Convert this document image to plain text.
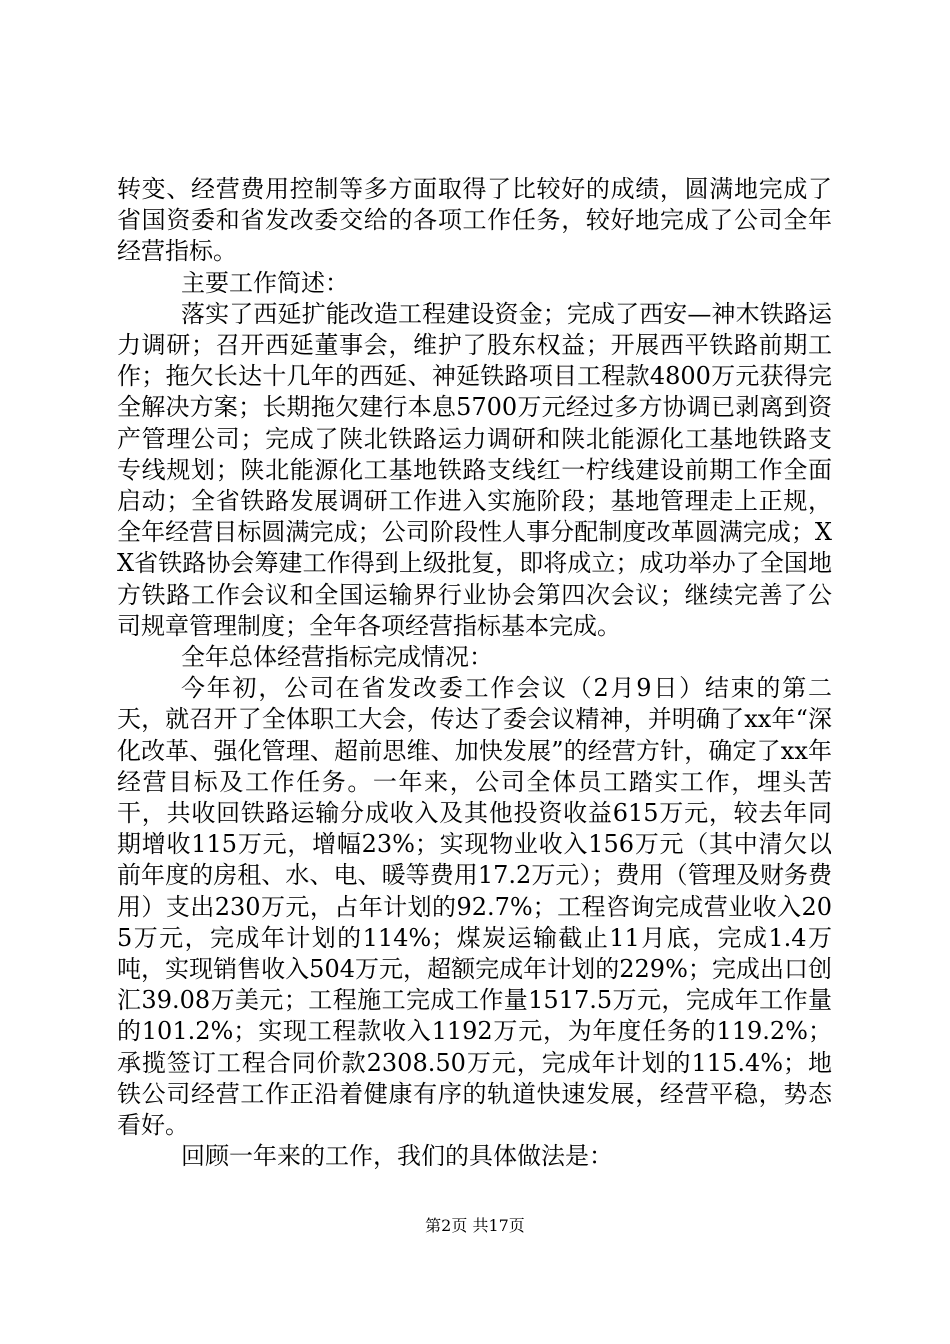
转变、经营费用控制等多方面取得了比较好的成绩，圆满地完成了省国资委和省发改委交给的各项工作任务，较好地完成了公司全年经营指标。

主要工作简述：

落实了西延扩能改造工程建设资金；完成了西安—神木铁路运力调研；召开西延董事会，维护了股东权益；开展西平铁路前期工作；拖欠长达十几年的西延、神延铁路项目工程款4800万元获得完全解决方案；长期拖欠建行本息5700万元经过多方协调已剥离到资产管理公司；完成了陕北铁路运力调研和陕北能源化工基地铁路支专线规划；陕北能源化工基地铁路支线红一柠线建设前期工作全面启动；全省铁路发展调研工作进入实施阶段；基地管理走上正规，全年经营目标圆满完成；公司阶段性人事分配制度改革圆满完成；XX省铁路协会筹建工作得到上级批复，即将成立；成功举办了全国地方铁路工作会议和全国运输界行业协会第四次会议；继续完善了公司规章管理制度；全年各项经营指标基本完成。

全年总体经营指标完成情况：

今年初，公司在省发改委工作会议（2月9日）结束的第二天，就召开了全体职工大会，传达了委会议精神，并明确了xx年“深化改革、强化管理、超前思维、加快发展”的经营方针，确定了xx年经营目标及工作任务。一年来，公司全体员工踏实工作，埋头苦干，共收回铁路运输分成收入及其他投资收益615万元，较去年同期增收115万元，增幅23%；实现物业收入156万元（其中清欠以前年度的房租、水、电、暖等费用17.2万元）；费用（管理及财务费用）支出230万元，占年计划的92.7%；工程咨询完成营业收入205万元，完成年计划的114%；煤炭运输截止11月底，完成1.4万吨，实现销售收入504万元，超额完成年计划的229%；完成出口创汇39.08万美元；工程施工完成工作量1517.5万元，完成年工作量的101.2%；实现工程款收入1192万元，为年度任务的119.2%；承揽签订工程合同价款2308.50万元，完成年计划的115.4%；地铁公司经营工作正沿着健康有序的轨道快速发展，经营平稳，势态看好。

回顾一年来的工作，我们的具体做法是：

第2页 共17页
